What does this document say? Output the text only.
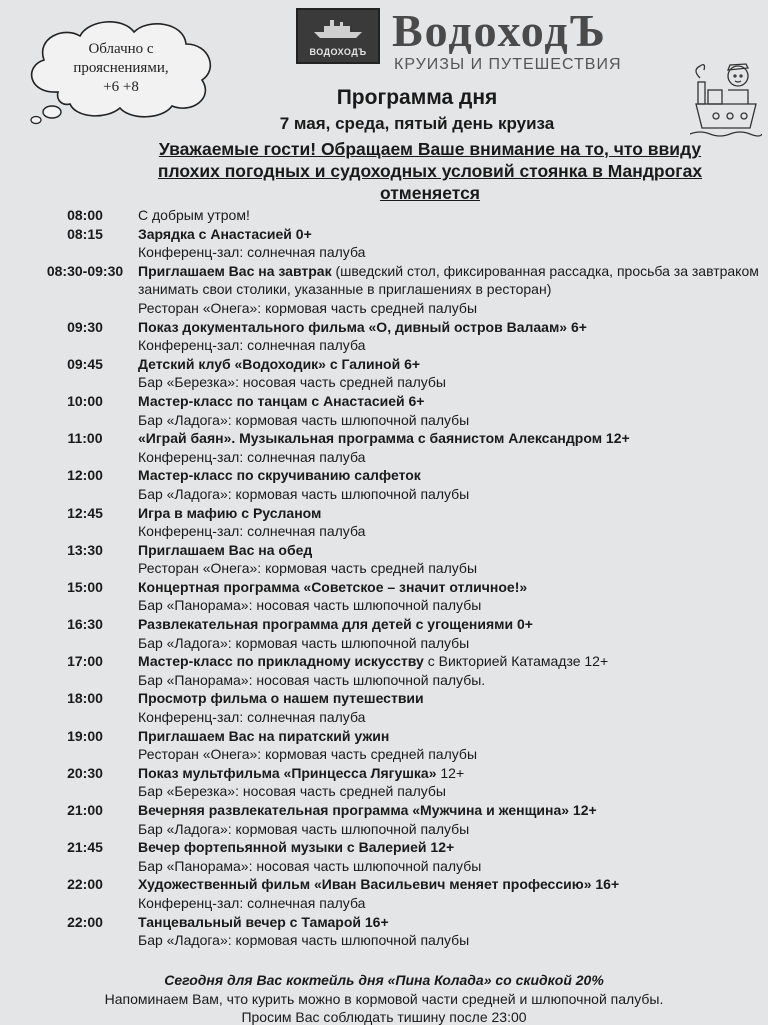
Облачно с
прояснениями,
+6 +8
ВОДОХОДЪ ВодоходЪ
КРУИЗЫ И ПУТЕШЕСТВИЯ
Программа дня
7 мая, среда, пятый день круиза
Уважаемые гости! Обращаем Ваше внимание на то, что ввиду плохих погодных и судоходных условий стоянка в Мандрогах отменяется
08:00	С добрым утром!
08:15	Зарядка с Анастасией 0+
Конференц-зал: солнечная палуба
08:30-09:30	Приглашаем Вас на завтрак (шведский стол, фиксированная рассадка, просьба за завтраком занимать свои столики, указанные в приглашениях в ресторан)
Ресторан «Онега»: кормовая часть средней палубы
09:30	Показ документального фильма «О, дивный остров Валаам» 6+
Конференц-зал: солнечная палуба
09:45	Детский клуб «Водоходик» с Галиной 6+
Бар «Березка»: носовая часть средней палубы
10:00	Мастер-класс по танцам с Анастасией 6+
Бар «Ладога»: кормовая часть шлюпочной палубы
11:00	«Играй баян». Музыкальная программа с баянистом Александром 12+
Конференц-зал: солнечная палуба
12:00	Мастер-класс по скручиванию салфеток
Бар «Ладога»: кормовая часть шлюпочной палубы
12:45	Игра в мафию с Русланом
Конференц-зал: солнечная палуба
13:30	Приглашаем Вас на обед
Ресторан «Онега»: кормовая часть средней палубы
15:00	Концертная программа «Советское – значит отличное!»
Бар «Панорама»: носовая часть шлюпочной палубы
16:30	Развлекательная программа для детей с угощениями 0+
Бар «Ладога»: кормовая часть шлюпочной палубы
17:00	Мастер-класс по прикладному искусству с Викторией Катамадзе 12+
Бар «Панорама»: носовая часть шлюпочной палубы.
18:00	Просмотр фильма о нашем путешествии
Конференц-зал: солнечная палуба
19:00	Приглашаем Вас на пиратский ужин
Ресторан «Онега»: кормовая часть средней палубы
20:30	Показ мультфильма «Принцесса Лягушка» 12+
Бар «Березка»: носовая часть средней палубы
21:00	Вечерняя развлекательная программа «Мужчина и женщина» 12+
Бар «Ладога»: кормовая часть шлюпочной палубы
21:45	Вечер фортепьянной музыки с Валерией 12+
Бар «Панорама»: носовая часть шлюпочной палубы
22:00	Художественный фильм «Иван Васильевич меняет профессию» 16+
Конференц-зал: солнечная палуба
22:00	Танцевальный вечер с Тамарой 16+
Бар «Ладога»: кормовая часть шлюпочной палубы
Сегодня для Вас коктейль дня «Пина Колада» со скидкой 20%
Напоминаем Вам, что курить можно в кормовой части средней и шлюпочной палубы.
Просим Вас соблюдать тишину после 23:00
